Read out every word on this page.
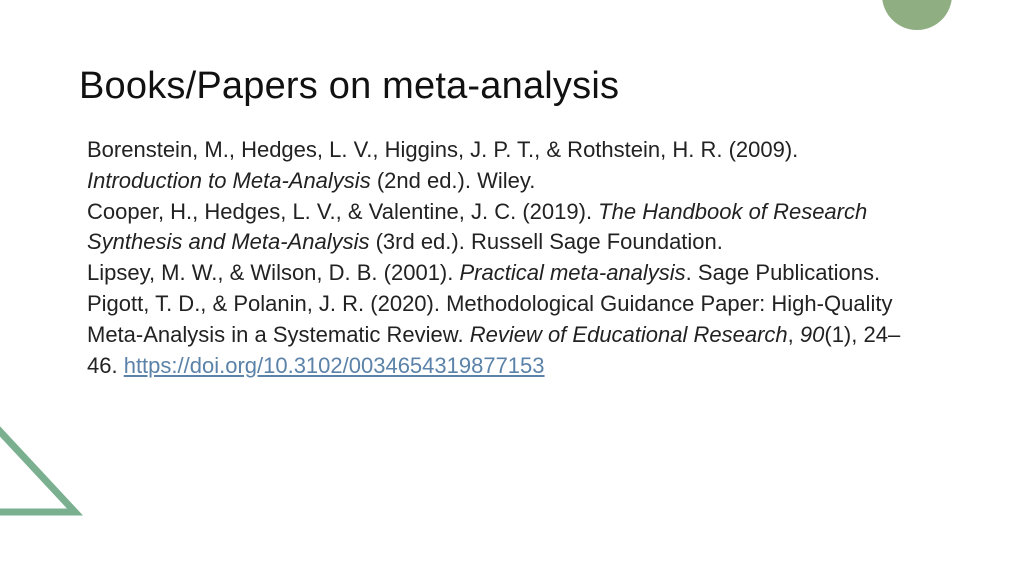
Books/Papers on meta-analysis

Borenstein, M., Hedges, L. V., Higgins, J. P. T., & Rothstein, H. R. (2009). Introduction to Meta-Analysis (2nd ed.). Wiley.

Cooper, H., Hedges, L. V., & Valentine, J. C. (2019). The Handbook of Research Synthesis and Meta-Analysis (3rd ed.). Russell Sage Foundation.

Lipsey, M. W., & Wilson, D. B. (2001). Practical meta-analysis. Sage Publications.

Pigott, T. D., & Polanin, J. R. (2020). Methodological Guidance Paper: High-Quality Meta-Analysis in a Systematic Review. Review of Educational Research, 90(1), 24–46. https://doi.org/10.3102/0034654319877153
